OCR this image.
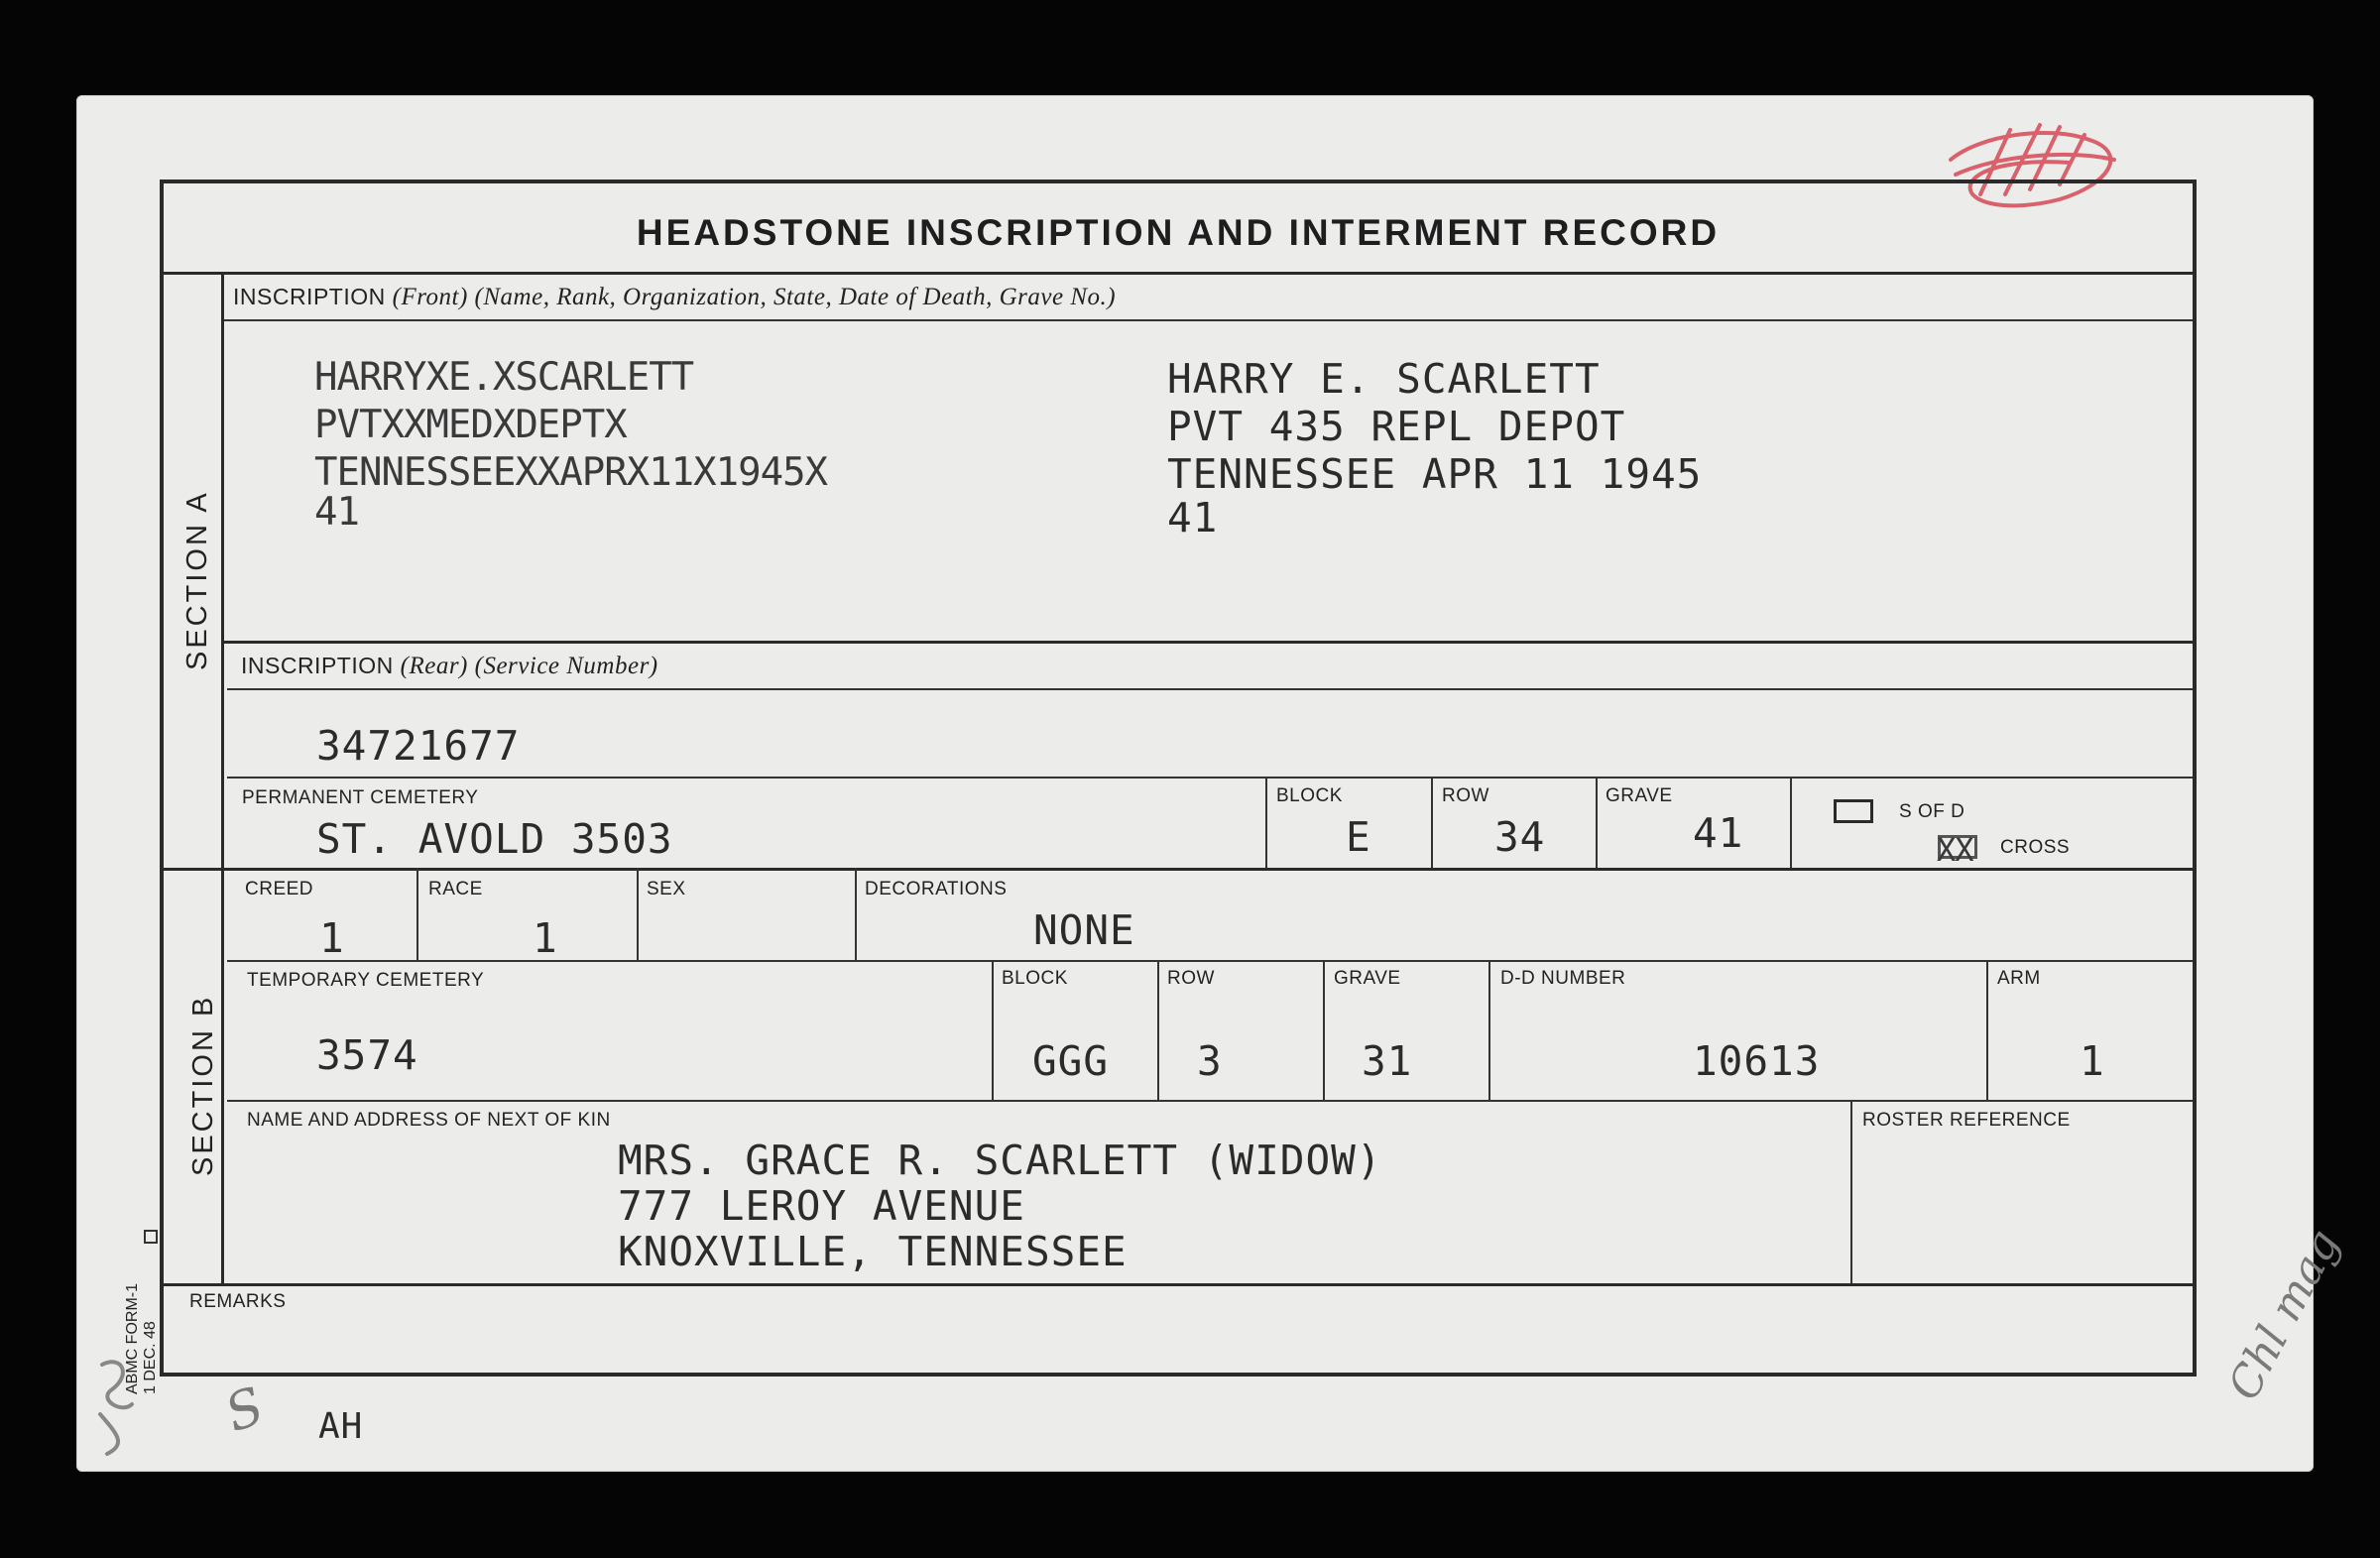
HEADSTONE INSCRIPTION AND INTERMENT RECORD
SECTION A
SECTION B
INSCRIPTION (Front) (Name, Rank, Organization, State, Date of Death, Grave No.)
HARRYXE.XSCARLETT
PVTXXMEDXDEPTX
TENNESSEEXXAPRX11X1945X
41
HARRY E. SCARLETT
PVT 435 REPL DEPOT
TENNESSEE APR 11 1945
41
INSCRIPTION (Rear) (Service Number)
34721677
PERMANENT CEMETERY
ST. AVOLD 3503
BLOCK
E
ROW
34
GRAVE
41	S OF D
XX CROSS
CREED
1
RACE
1
SEX	DECORATIONS
NONE
TEMPORARY CEMETERY
3574
BLOCK
GGG
ROW
3
GRAVE
31
D-D NUMBER
10613
ARM
1
NAME AND ADDRESS OF NEXT OF KIN
MRS. GRACE R. SCARLETT (WIDOW)
777 LEROY AVENUE
KNOXVILLE, TENNESSEE
ROSTER REFERENCE
REMARKS
ABMC FORM-1 1 DEC. 48
AH
S
Chl mag
